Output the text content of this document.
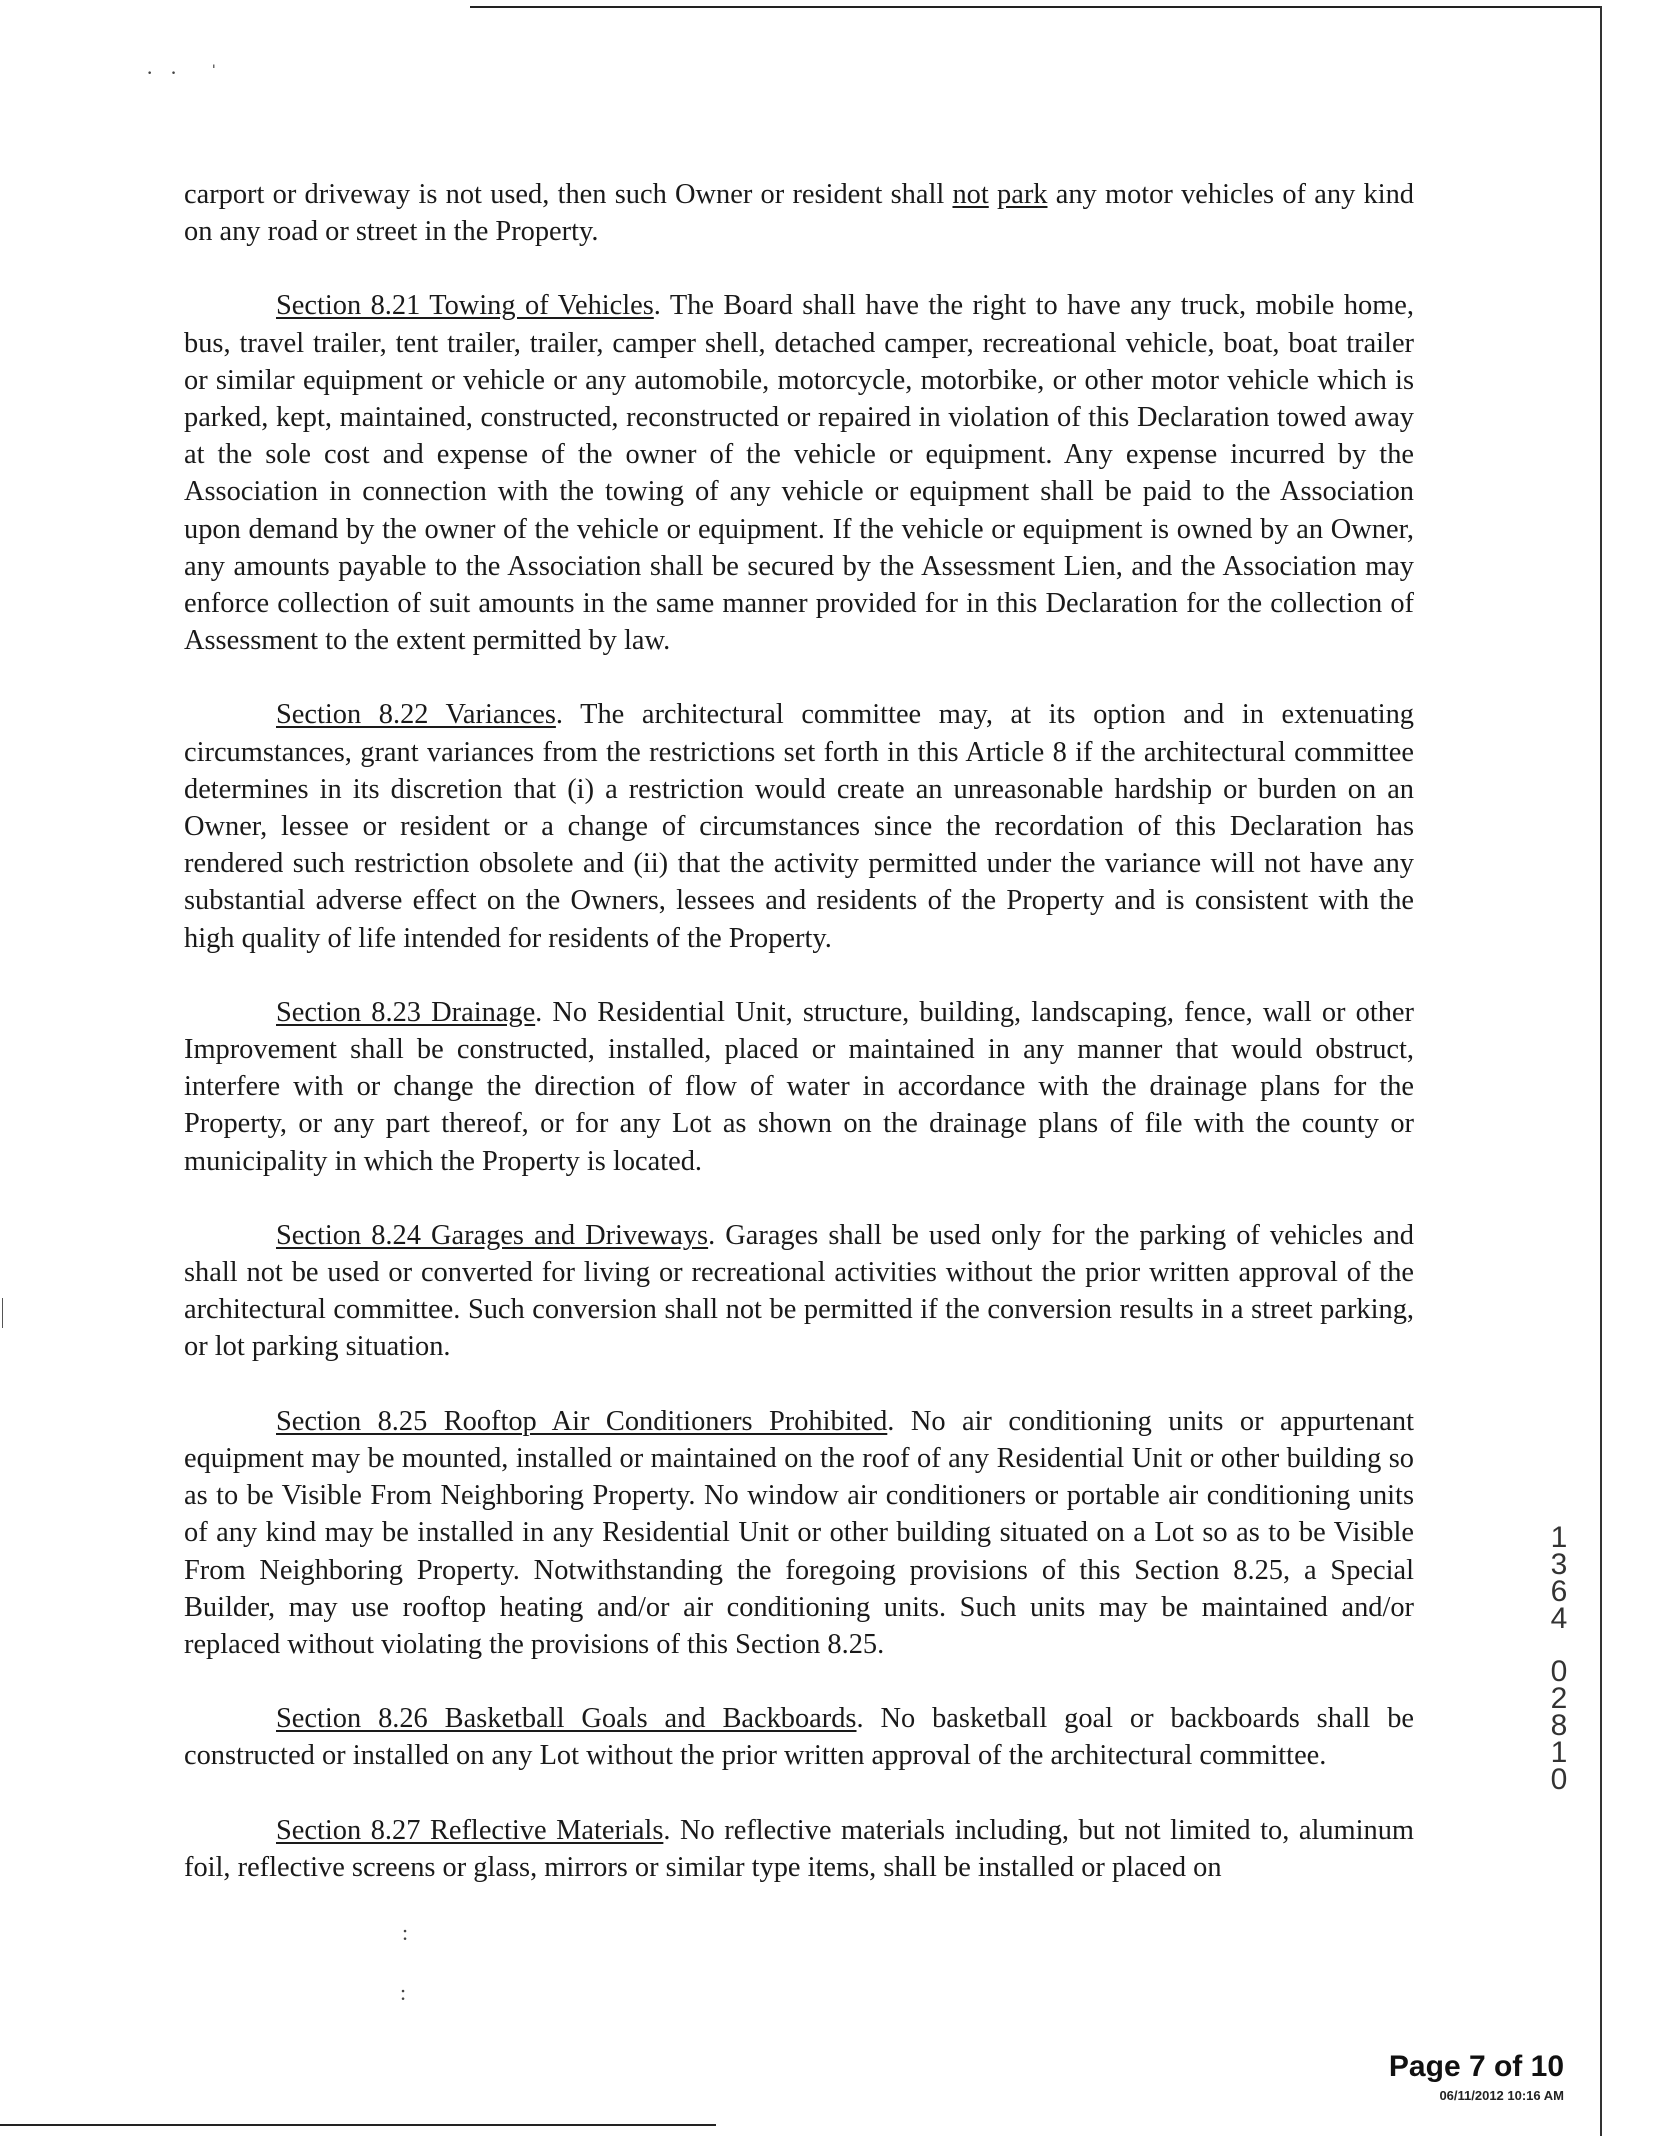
·   ·      ˈ
:
:

carport or driveway is not used, then such Owner or resident shall not park any motor vehicles of any kind on any road or street in the Property.

Section 8.21 Towing of Vehicles. The Board shall have the right to have any truck, mobile home, bus, travel trailer, tent trailer, trailer, camper shell, detached camper, recreational vehicle, boat, boat trailer or similar equipment or vehicle or any automobile, motorcycle, motorbike, or other motor vehicle which is parked, kept, maintained, constructed, reconstructed or repaired in violation of this Declaration towed away at the sole cost and expense of the owner of the vehicle or equipment. Any expense incurred by the Association in connection with the towing of any vehicle or equipment shall be paid to the Association upon demand by the owner of the vehicle or equipment. If the vehicle or equipment is owned by an Owner, any amounts payable to the Association shall be secured by the Assessment Lien, and the Association may enforce collection of suit amounts in the same manner provided for in this Declaration for the collection of Assessment to the extent permitted by law.

Section 8.22 Variances. The architectural committee may, at its option and in extenuating circumstances, grant variances from the restrictions set forth in this Article 8 if the architectural committee determines in its discretion that (i) a restriction would create an unreasonable hardship or burden on an Owner, lessee or resident or a change of circumstances since the recordation of this Declaration has rendered such restriction obsolete and (ii) that the activity permitted under the variance will not have any substantial adverse effect on the Owners, lessees and residents of the Property and is consistent with the high quality of life intended for residents of the Property.

Section 8.23 Drainage. No Residential Unit, structure, building, landscaping, fence, wall or other Improvement shall be constructed, installed, placed or maintained in any manner that would obstruct, interfere with or change the direction of flow of water in accordance with the drainage plans for the Property, or any part thereof, or for any Lot as shown on the drainage plans of file with the county or municipality in which the Property is located.

Section 8.24 Garages and Driveways. Garages shall be used only for the parking of vehicles and shall not be used or converted for living or recreational activities without the prior written approval of the architectural committee. Such conversion shall not be permitted if the conversion results in a street parking, or lot parking situation.

Section 8.25 Rooftop Air Conditioners Prohibited. No air conditioning units or appurtenant equipment may be mounted, installed or maintained on the roof of any Residential Unit or other building so as to be Visible From Neighboring Property. No window air conditioners or portable air conditioning units of any kind may be installed in any Residential Unit or other building situated on a Lot so as to be Visible From Neighboring Property. Notwithstanding the foregoing provisions of this Section 8.25, a Special Builder, may use rooftop heating and/or air conditioning units. Such units may be maintained and/or replaced without violating the provisions of this Section 8.25.

Section 8.26 Basketball Goals and Backboards. No basketball goal or backboards shall be constructed or installed on any Lot without the prior written approval of the architectural committee.

Section 8.27 Reflective Materials. No reflective materials including, but not limited to, aluminum foil, reflective screens or glass, mirrors or similar type items, shall be installed or placed on

1
3
6
4
0
2
8
1
0
Page 7 of 10
06/11/2012 10:16 AM
